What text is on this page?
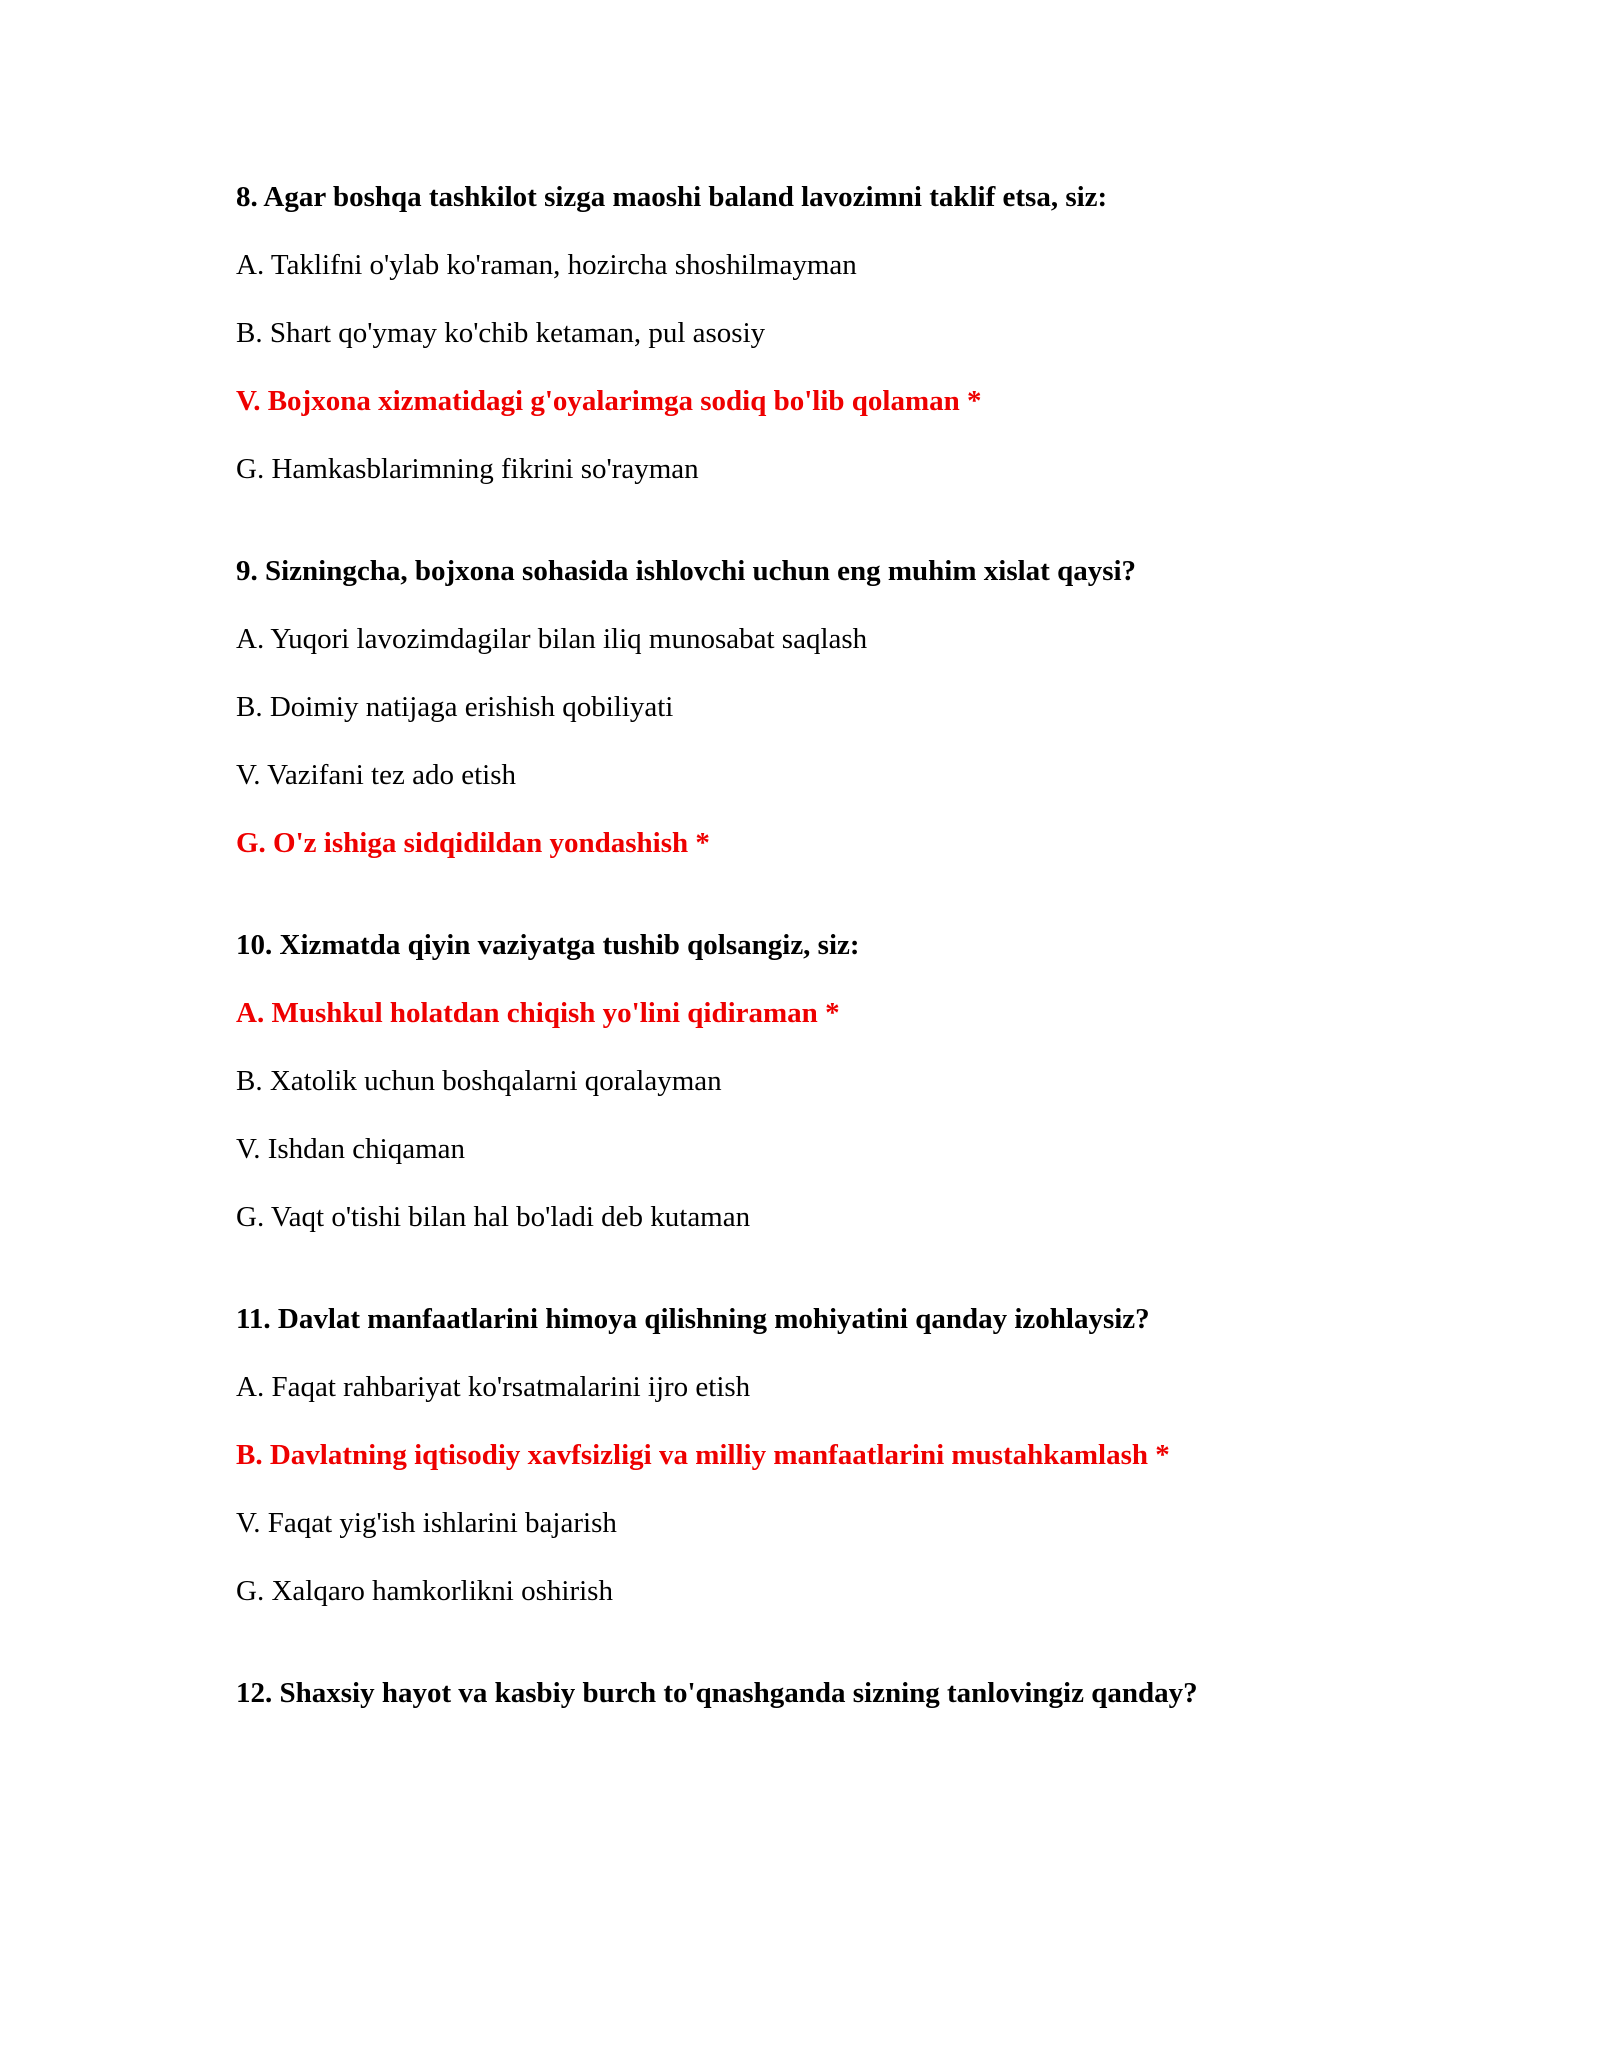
8. Agar boshqa tashkilot sizga maoshi baland lavozimni taklif etsa, siz:
A. Taklifni o'ylab ko'raman, hozircha shoshilmayman
B. Shart qo'ymay ko'chib ketaman, pul asosiy
V. Bojxona xizmatidagi g'oyalarimga sodiq bo'lib qolaman *
G. Hamkasblarimning fikrini so'rayman
9. Sizningcha, bojxona sohasida ishlovchi uchun eng muhim xislat qaysi?
A. Yuqori lavozimdagilar bilan iliq munosabat saqlash
B. Doimiy natijaga erishish qobiliyati
V. Vazifani tez ado etish
G. O'z ishiga sidqidildan yondashish *
10. Xizmatda qiyin vaziyatga tushib qolsangiz, siz:
A. Mushkul holatdan chiqish yo'lini qidiraman *
B. Xatolik uchun boshqalarni qoralayman
V. Ishdan chiqaman
G. Vaqt o'tishi bilan hal bo'ladi deb kutaman
11. Davlat manfaatlarini himoya qilishning mohiyatini qanday izohlaysiz?
A. Faqat rahbariyat ko'rsatmalarini ijro etish
B. Davlatning iqtisodiy xavfsizligi va milliy manfaatlarini mustahkamlash *
V. Faqat yig'ish ishlarini bajarish
G. Xalqaro hamkorlikni oshirish
12. Shaxsiy hayot va kasbiy burch to'qnashganda sizning tanlovingiz qanday?
